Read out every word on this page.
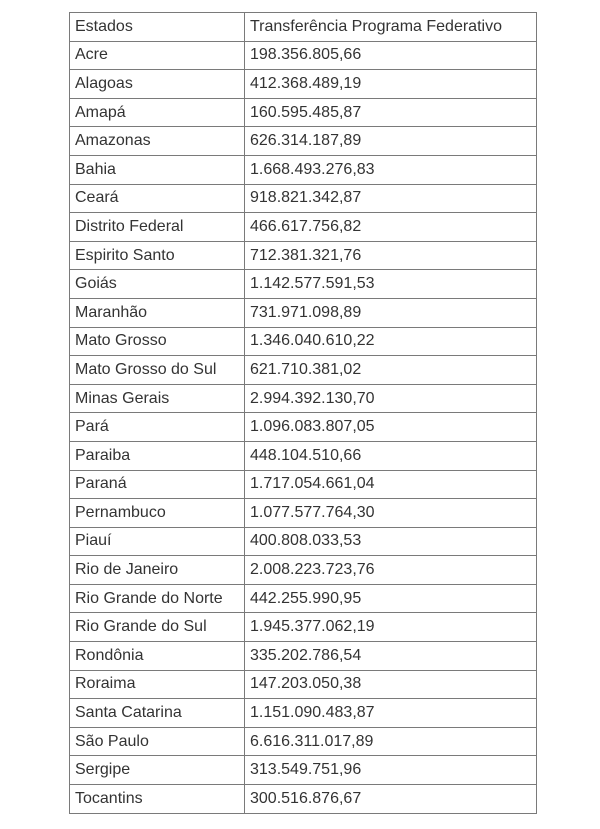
Estados	Transferência Programa Federativo
Acre	198.356.805,66
Alagoas	412.368.489,19
Amapá	160.595.485,87
Amazonas	626.314.187,89
Bahia	1.668.493.276,83
Ceará	918.821.342,87
Distrito Federal	466.617.756,82
Espirito Santo	712.381.321,76
Goiás	1.142.577.591,53
Maranhão	731.971.098,89
Mato Grosso	1.346.040.610,22
Mato Grosso do Sul	621.710.381,02
Minas Gerais	2.994.392.130,70
Pará	1.096.083.807,05
Paraiba	448.104.510,66
Paraná	1.717.054.661,04
Pernambuco	1.077.577.764,30
Piauí	400.808.033,53
Rio de Janeiro	2.008.223.723,76
Rio Grande do Norte	442.255.990,95
Rio Grande do Sul	1.945.377.062,19
Rondônia	335.202.786,54
Roraima	147.203.050,38
Santa Catarina	1.151.090.483,87
São Paulo	6.616.311.017,89
Sergipe	313.549.751,96
Tocantins	300.516.876,67
